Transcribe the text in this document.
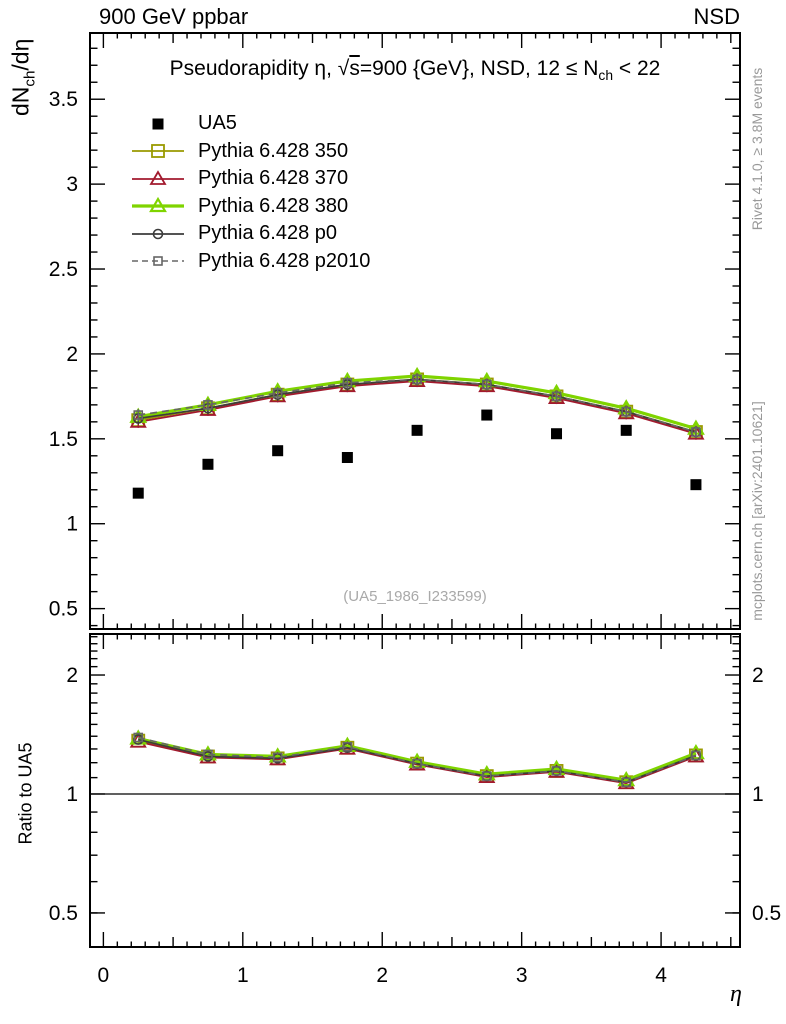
0	1	2	3	4
0.5
1
1.5
2
2.5
3
3.5
0.5	0.5
1	1
2	2
900 GeV ppbar	NSD
Pseudorapidity η, √s=900 {GeV}, NSD, $12 \le N_{ch} < 22$
UA5
Pythia 6.428 350
Pythia 6.428 370
Pythia 6.428 380
Pythia 6.428 p0
Pythia 6.428 p2010
$dN_{ch}/d\eta$
Ratio to UA5
Rivet 4.1.0, ≥ 3.8M events
mcplots.cern.ch [arXiv:2401.10621]
(UA5_1986_I233599)
η
